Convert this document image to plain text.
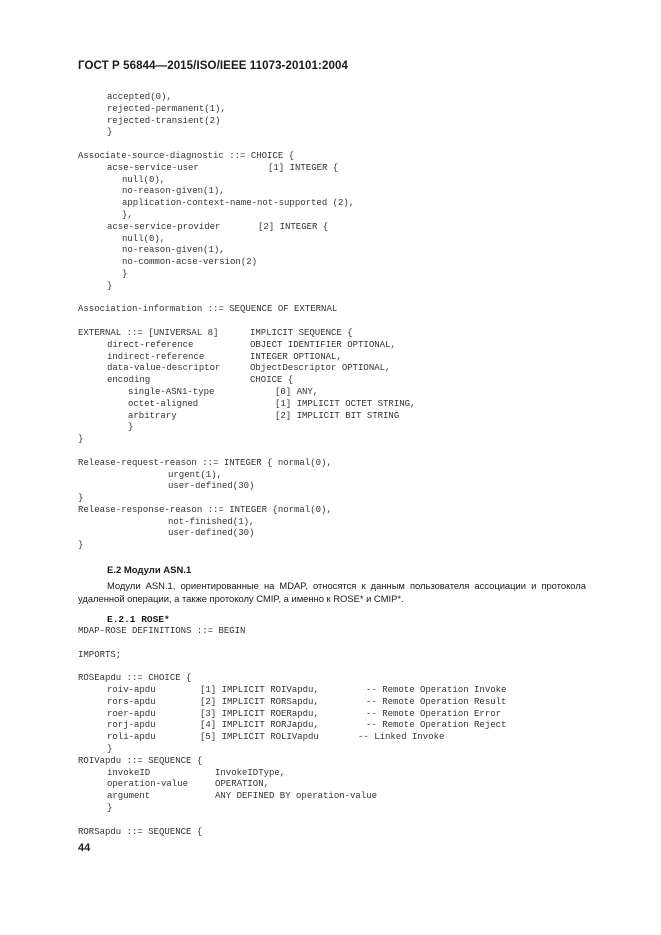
ГОСТ Р 56844—2015/ISO/IEEE 11073-20101:2004
accepted(0),
rejected-permanent(1),
rejected-transient(2)
}
Associate-source-diagnostic ::= CHOICE {
acse-service-user	[1] INTEGER {
null(0),
no-reason-given(1),
application-context-name-not-supported (2),
},
acse-service-provider	[2] INTEGER {
null(0),
no-reason-given(1),
no-common-acse-version(2)
}
}
Association-information ::= SEQUENCE OF EXTERNAL
EXTERNAL ::= [UNIVERSAL 8]	IMPLICIT SEQUENCE {
direct-reference	OBJECT IDENTIFIER OPTIONAL,
indirect-reference	INTEGER OPTIONAL,
data-value-descriptor	ObjectDescriptor OPTIONAL,
encoding	CHOICE {
single-ASN1-type	[0] ANY,
octet-aligned	[1] IMPLICIT OCTET STRING,
arbitrary	[2] IMPLICIT BIT STRING
}
}
Release-request-reason ::= INTEGER { normal(0),
urgent(1),
user-defined(30)
}
Release-response-reason ::= INTEGER {normal(0),
not-finished(1),
user-defined(30)
}
E.2 Модули ASN.1
Модули ASN.1, ориентированные на MDAP, относятся к данным пользователя ассоциации и протокола удаленной операции, а также протоколу CMIP, а именно к ROSE* и CMIP*.
E.2.1 ROSE*
MDAP-ROSE DEFINITIONS ::= BEGIN
IMPORTS;
ROSEapdu ::= CHOICE {
roiv-apdu	[1] IMPLICIT ROIVapdu,	-- Remote Operation Invoke
rors-apdu	[2] IMPLICIT RORSapdu,	-- Remote Operation Result
roer-apdu	[3] IMPLICIT ROERapdu,	-- Remote Operation Error
rorj-apdu	[4] IMPLICIT RORJapdu,	-- Remote Operation Reject
roli-apdu	[5] IMPLICIT ROLIVapdu	-- Linked Invoke
}
ROIVapdu ::= SEQUENCE {
invokeID	InvokeIDType,
operation-value	OPERATION,
argument	ANY DEFINED BY operation-value
}
RORSapdu ::= SEQUENCE {
44
